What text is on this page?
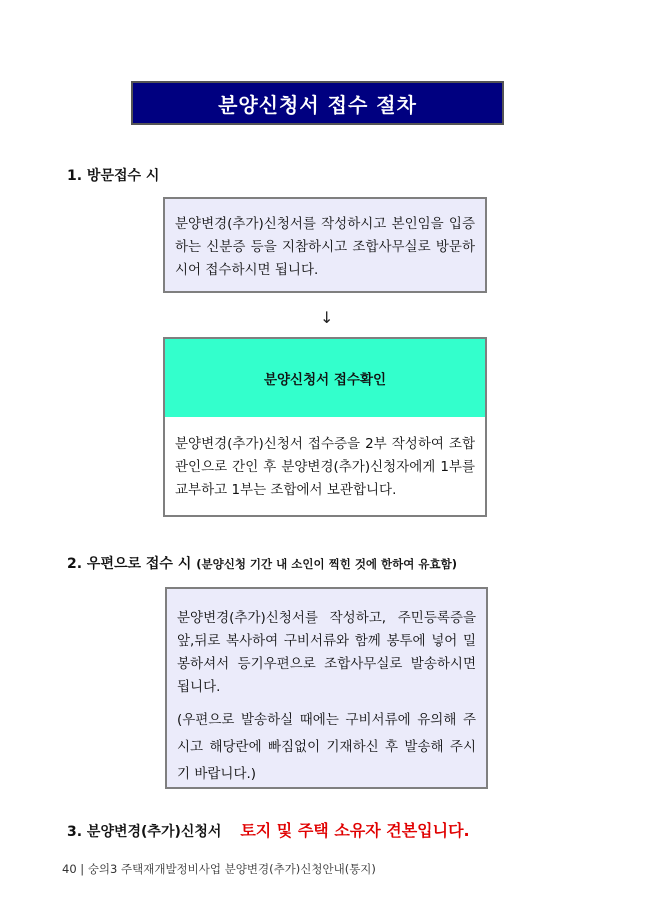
분양신청서 접수 절차
1. 방문접수 시

분양변경(추가)신청서를 작성하시고 본인임을 입증하는 신분증 등을 지참하시고 조합사무실로 방문하시어 접수하시면 됩니다.

↓
분양신청서 접수확인

분양변경(추가)신청서 접수증을 2부 작성하여 조합 관인으로 간인 후 분양변경(추가)신청자에게 1부를 교부하고 1부는 조합에서 보관합니다.

2. 우편으로 접수 시 (분양신청 기간 내 소인이 찍힌 것에 한하여 유효함)

분양변경(추가)신청서를 작성하고, 주민등록증을 앞,뒤로 복사하여 구비서류와 함께 봉투에 넣어 밀봉하셔서 등기우편으로 조합사무실로 발송하시면 됩니다.

(우편으로 발송하실 때에는 구비서류에 유의해 주시고 해당란에 빠짐없이 기재하신 후 발송해 주시기 바랍니다.)

3. 분양변경(추가)신청서 토지 및 주택 소유자 견본입니다.
40 | 숭의3 주택재개발정비사업 분양변경(추가)신청안내(통지)
